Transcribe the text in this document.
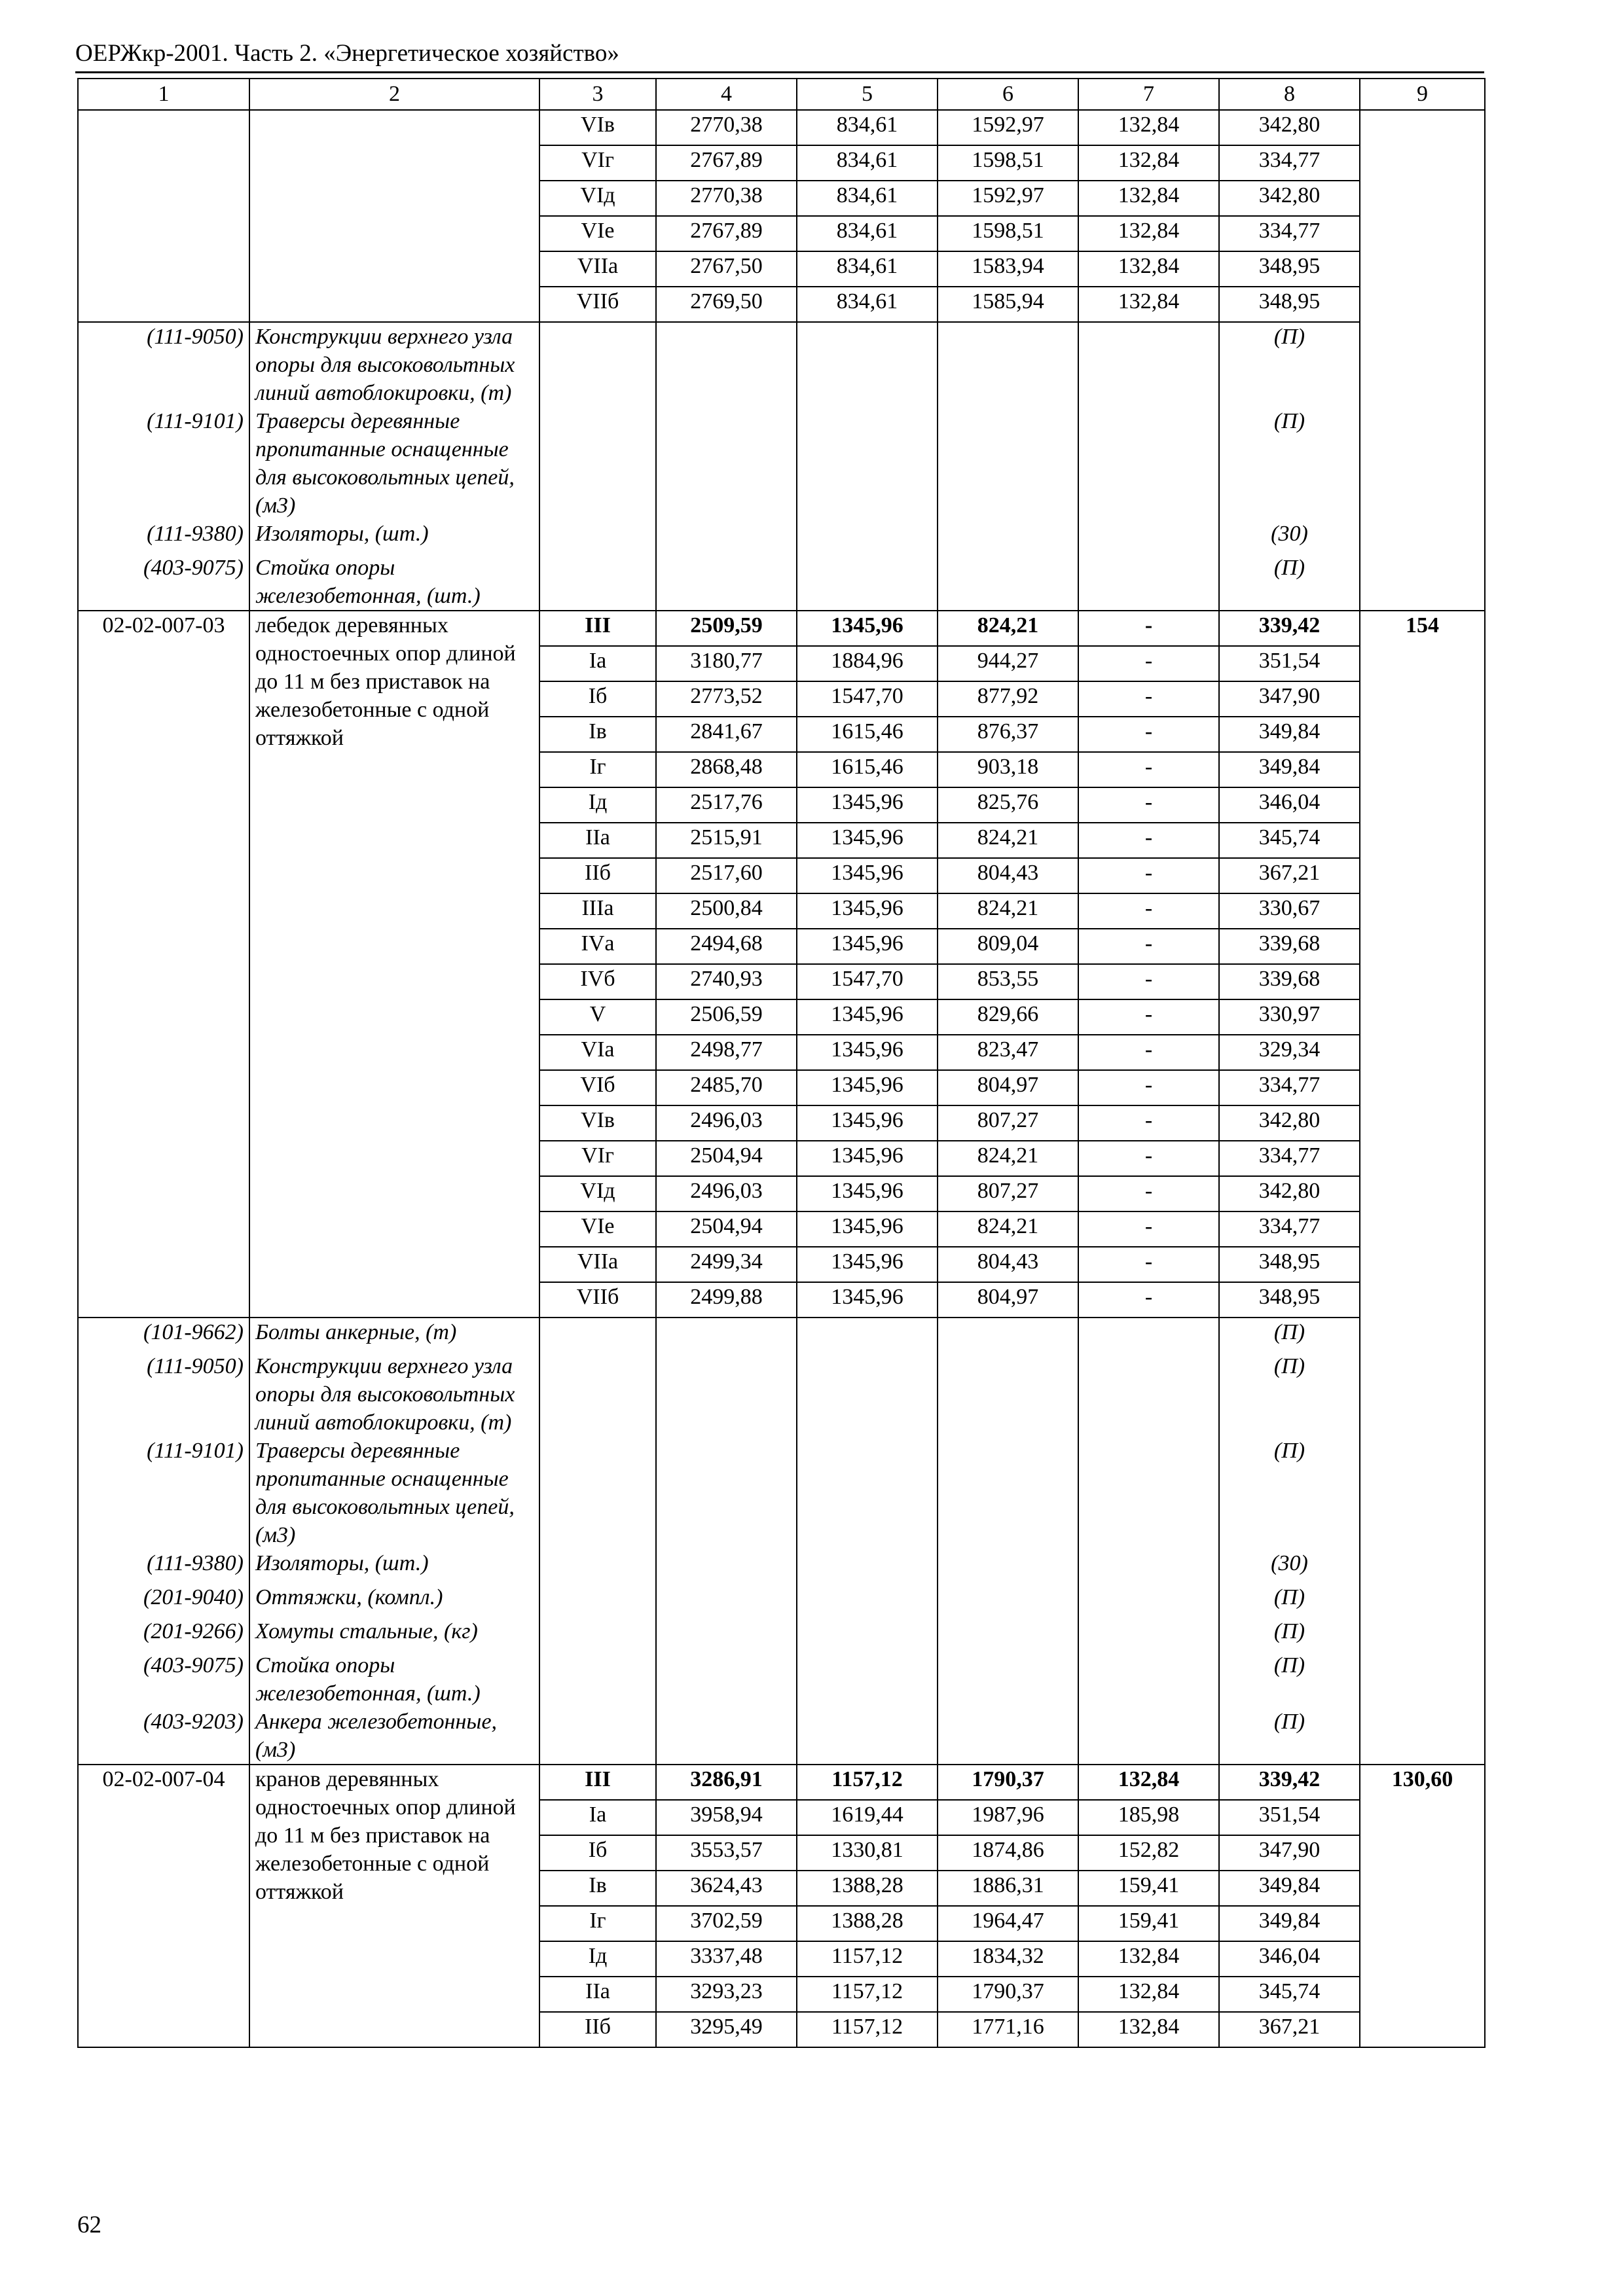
ОЕРЖкр-2001. Часть 2. «Энергетическое хозяйство»
1	2	3	4	5	6	7	8	9
		VIв	2770,38	834,61	1592,97	132,84	342,80	
		VIг	2767,89	834,61	1598,51	132,84	334,77	
		VIд	2770,38	834,61	1592,97	132,84	342,80	
		VIе	2767,89	834,61	1598,51	132,84	334,77	
		VIIа	2767,50	834,61	1583,94	132,84	348,95	
		VIIб	2769,50	834,61	1585,94	132,84	348,95	
(111-9050)	Конструкции верхнего узла опоры для высоковольтных линий автоблокировки, (т)						(П)	
(111-9101)	Траверсы деревянные пропитанные оснащенные для высоковольтных цепей, (м3)						(П)	
(111-9380)	Изоляторы, (шт.)						(30)	
(403-9075)	Стойка опоры железобетонная, (шт.)						(П)	
02-02-007-03	лебедок деревянных одностоечных опор длиной до 11 м без приставок на железобетонные с одной оттяжкой	III	2509,59	1345,96	824,21	-	339,42	154
		Iа	3180,77	1884,96	944,27	-	351,54	
		Iб	2773,52	1547,70	877,92	-	347,90	
		Iв	2841,67	1615,46	876,37	-	349,84	
		Iг	2868,48	1615,46	903,18	-	349,84	
		Iд	2517,76	1345,96	825,76	-	346,04	
		IIа	2515,91	1345,96	824,21	-	345,74	
		IIб	2517,60	1345,96	804,43	-	367,21	
		IIIа	2500,84	1345,96	824,21	-	330,67	
		IVа	2494,68	1345,96	809,04	-	339,68	
		IVб	2740,93	1547,70	853,55	-	339,68	
		V	2506,59	1345,96	829,66	-	330,97	
		VIа	2498,77	1345,96	823,47	-	329,34	
		VIб	2485,70	1345,96	804,97	-	334,77	
		VIв	2496,03	1345,96	807,27	-	342,80	
		VIг	2504,94	1345,96	824,21	-	334,77	
		VIд	2496,03	1345,96	807,27	-	342,80	
		VIе	2504,94	1345,96	824,21	-	334,77	
		VIIа	2499,34	1345,96	804,43	-	348,95	
		VIIб	2499,88	1345,96	804,97	-	348,95	
(101-9662)	Болты анкерные, (т)						(П)	
(111-9050)	Конструкции верхнего узла опоры для высоковольтных линий автоблокировки, (т)						(П)	
(111-9101)	Траверсы деревянные пропитанные оснащенные для высоковольтных цепей, (м3)						(П)	
(111-9380)	Изоляторы, (шт.)						(30)	
(201-9040)	Оттяжки, (компл.)						(П)	
(201-9266)	Хомуты стальные, (кг)						(П)	
(403-9075)	Стойка опоры железобетонная, (шт.)						(П)	
(403-9203)	Анкера железобетонные, (м3)						(П)	
02-02-007-04	кранов деревянных одностоечных опор длиной до 11 м без приставок на железобетонные с одной оттяжкой	III	3286,91	1157,12	1790,37	132,84	339,42	130,60
		Iа	3958,94	1619,44	1987,96	185,98	351,54	
		Iб	3553,57	1330,81	1874,86	152,82	347,90	
		Iв	3624,43	1388,28	1886,31	159,41	349,84	
		Iг	3702,59	1388,28	1964,47	159,41	349,84	
		Iд	3337,48	1157,12	1834,32	132,84	346,04	
		IIа	3293,23	1157,12	1790,37	132,84	345,74	
		IIб	3295,49	1157,12	1771,16	132,84	367,21	
62
